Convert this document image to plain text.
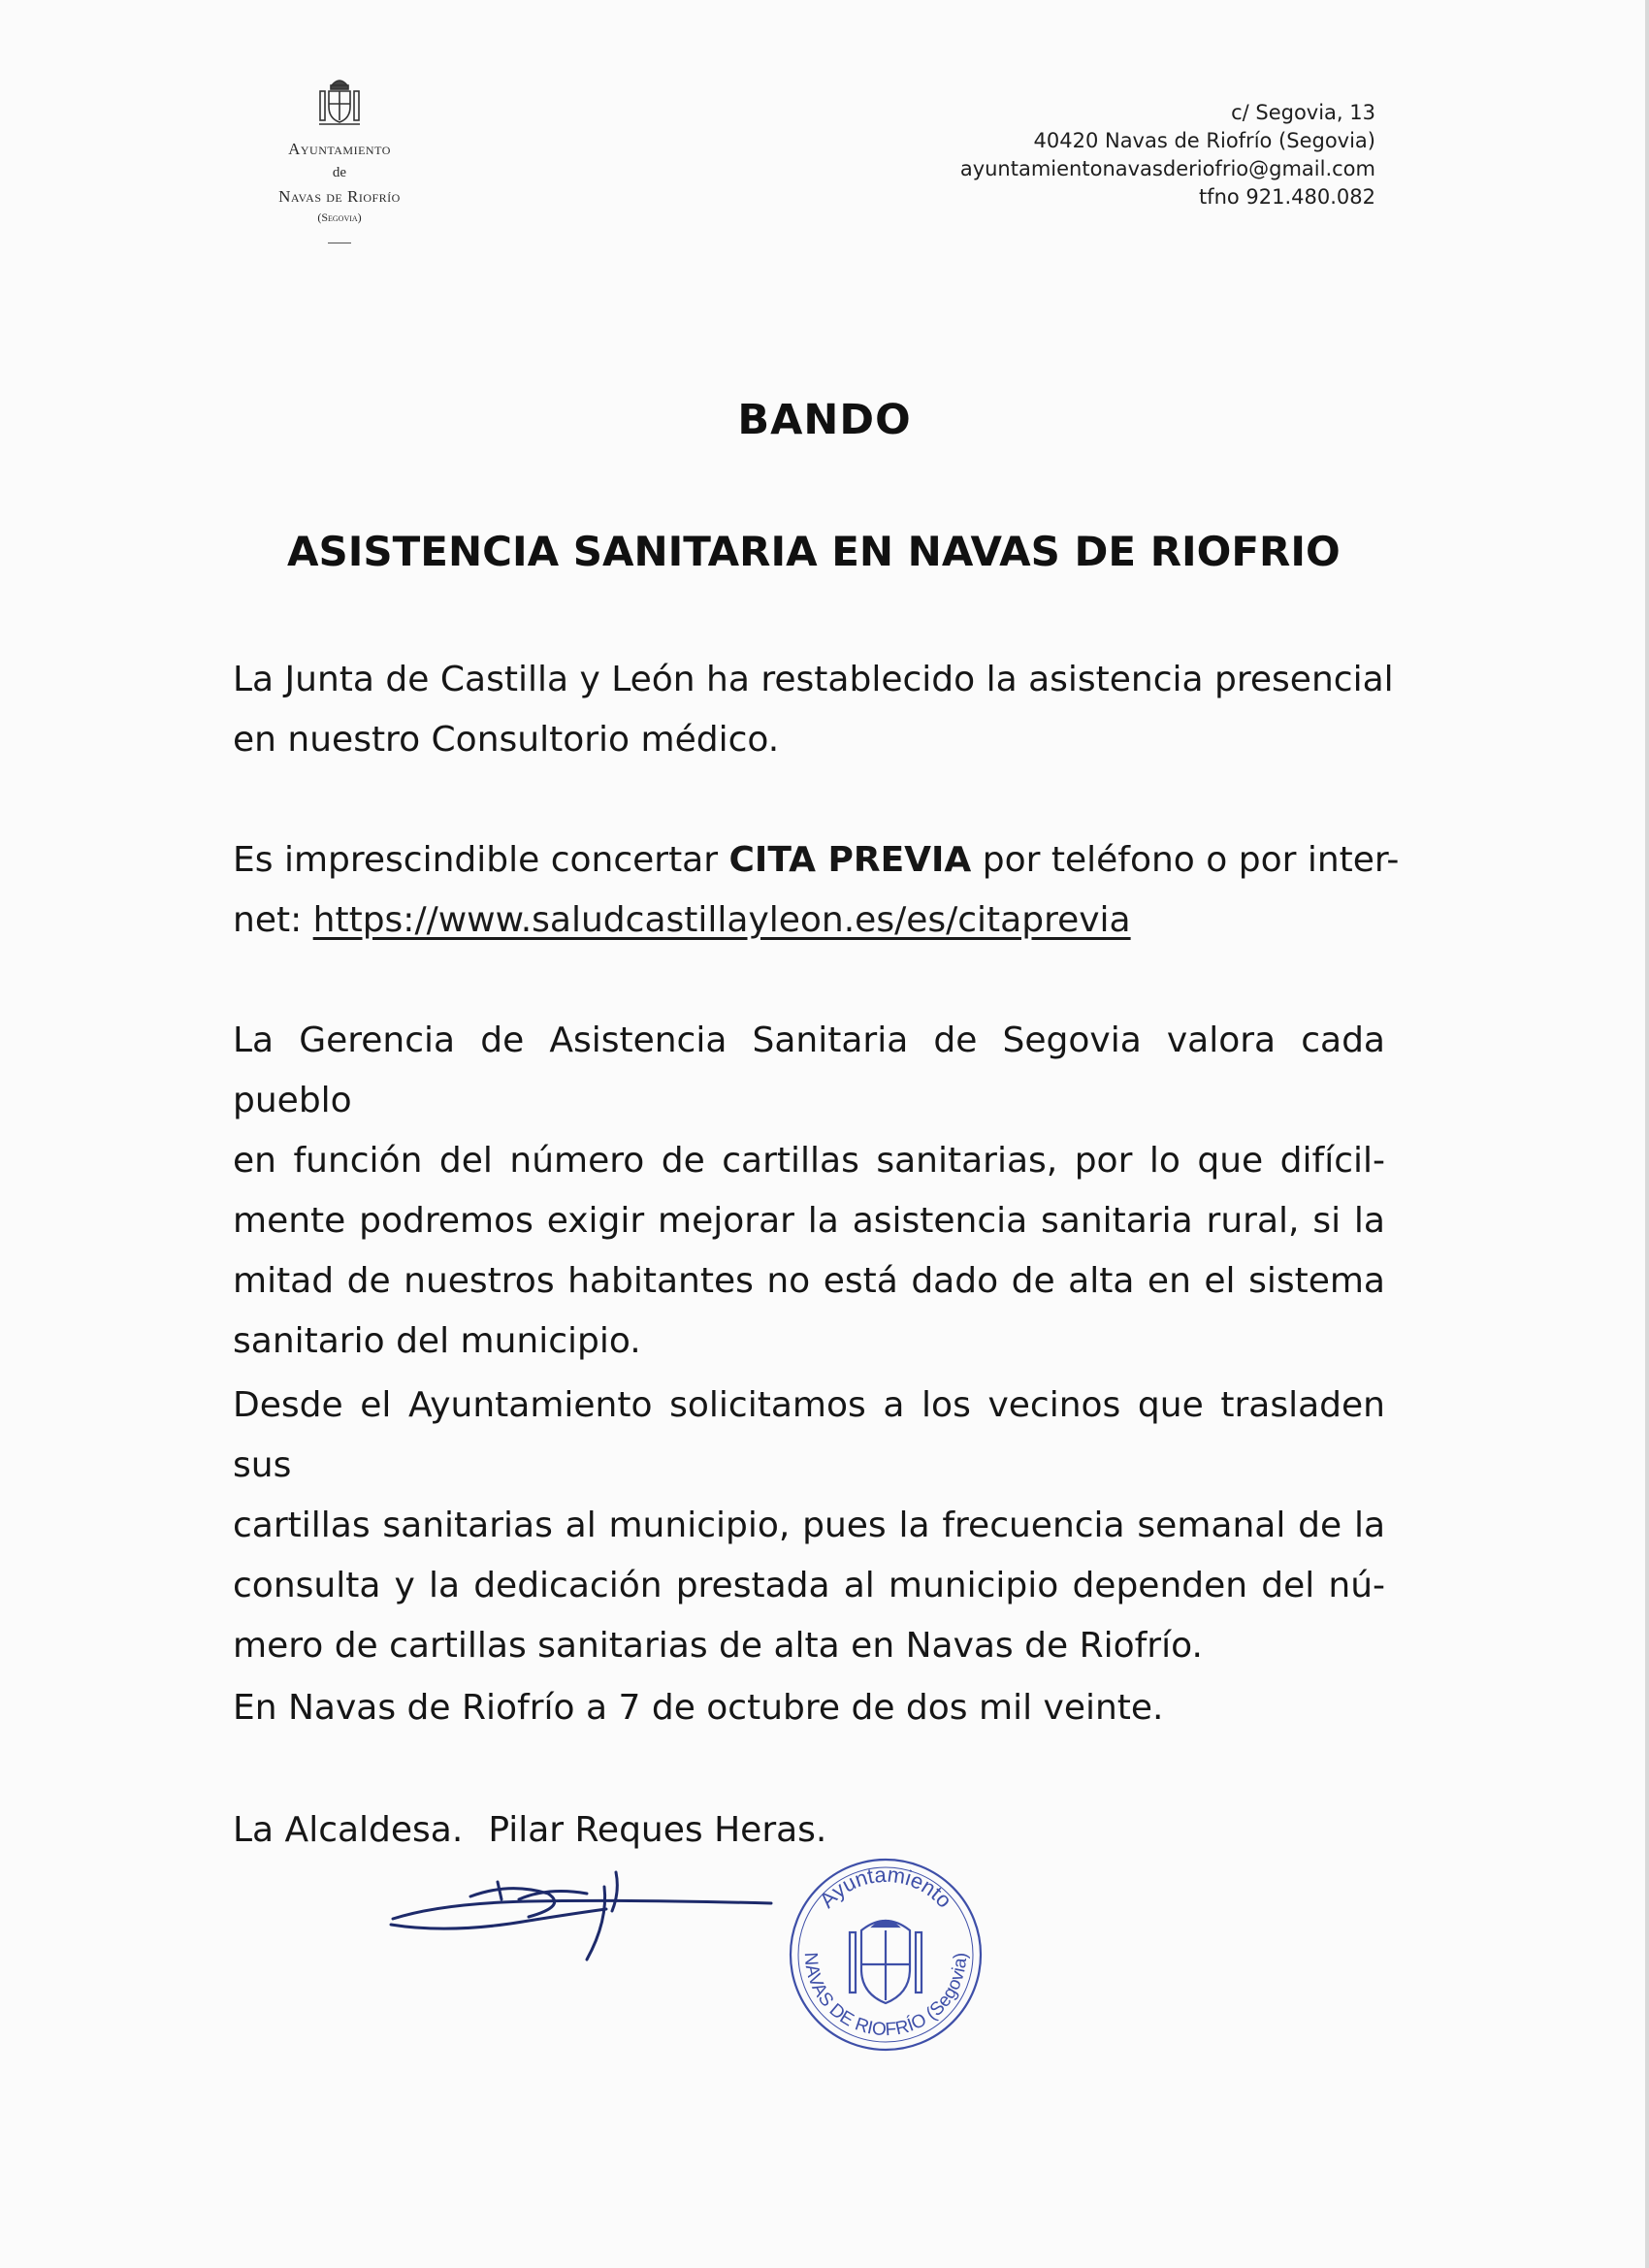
Ayuntamiento
de
Navas de Riofrío
(Segovia)
c/ Segovia, 13
40420 Navas de Riofrío (Segovia)
ayuntamientonavasderiofrio@gmail.com
tfno 921.480.082
BANDO
ASISTENCIA SANITARIA EN NAVAS DE RIOFRIO
La Junta de Castilla y León ha restablecido la asistencia presencial
en nuestro Consultorio médico.
Es imprescindible concertar CITA PREVIA por teléfono o por inter-
net: https://www.saludcastillayleon.es/es/citaprevia
La Gerencia de Asistencia Sanitaria de Segovia valora cada pueblo
en función del número de cartillas sanitarias, por lo que difícil-
mente podremos exigir mejorar la asistencia sanitaria rural, si la
mitad de nuestros habitantes no está dado de alta en el sistema
sanitario del municipio.
Desde el Ayuntamiento solicitamos a los vecinos que trasladen sus
cartillas sanitarias al municipio, pues la frecuencia semanal de la
consulta y la dedicación prestada al municipio dependen del nú-
mero de cartillas sanitarias de alta en Navas de Riofrío.
En Navas de Riofrío a 7 de octubre de dos mil veinte.
La Alcaldesa. Pilar Reques Heras.
Ayuntamiento
NAVAS DE RIOFRÍO (Segovia)
